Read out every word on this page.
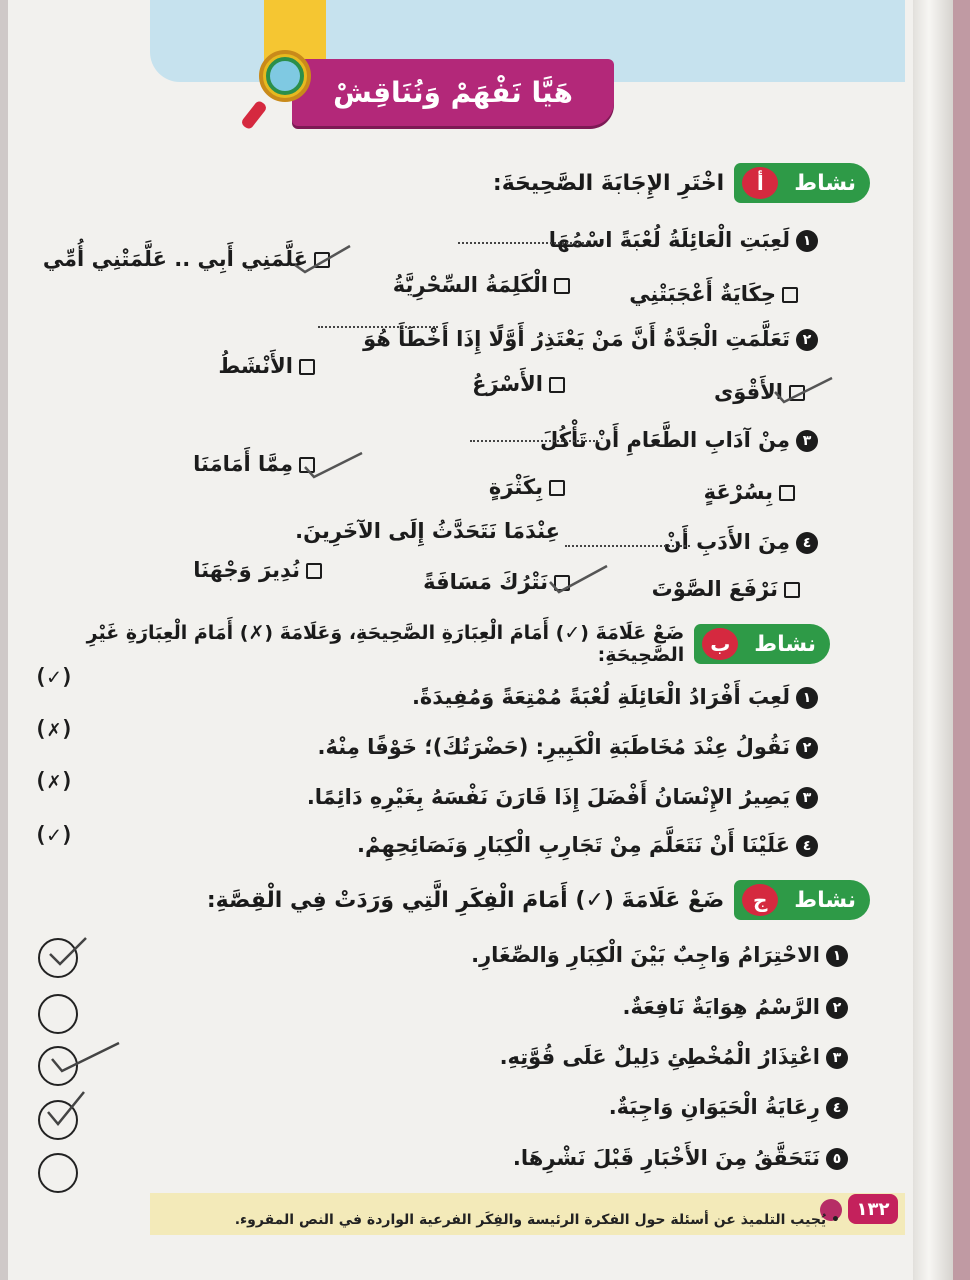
هَيَّا نَفْهَمْ وَنُنَاقِشْ
نشاط
أ
اخْتَرِ الإِجَابَةَ الصَّحِيحَةَ:
١لَعِبَتِ الْعَائِلَةُ لُعْبَةً اسْمُهَا
عَلَّمَنِي أَبِي .. عَلَّمَتْنِي أُمِّي
الْكَلِمَةُ السِّحْرِيَّةُ	حِكَايَةٌ أَعْجَبَتْنِي
٢تَعَلَّمَتِ الْجَدَّةُ أَنَّ مَنْ يَعْتَذِرُ أَوَّلًا إِذَا أَخْطَأَ هُوَ
الأَنْشَطُ
الأَسْرَعُ	الأَقْوَى
٣مِنْ آدَابِ الطَّعَامِ أَنْ تَأْكُلَ
مِمَّا أَمَامَنَا
بِكَثْرَةٍ	بِسُرْعَةٍ
٤مِنَ الأَدَبِ أَنْ
عِنْدَمَا نَتَحَدَّثُ إِلَى الآخَرِينَ.
نُدِيرَ وَجْهَنَا	نَتْرُكَ مَسَافَةً	نَرْفَعَ الصَّوْتَ
نشاط
ب
ضَعْ عَلَامَةَ (✓) أَمَامَ الْعِبَارَةِ الصَّحِيحَةِ، وَعَلَامَةَ (✗) أَمَامَ الْعِبَارَةِ غَيْرِ الصَّحِيحَةِ:
١لَعِبَ أَفْرَادُ الْعَائِلَةِ لُعْبَةً مُمْتِعَةً وَمُفِيدَةً.
(✓)
٢نَقُولُ عِنْدَ مُخَاطَبَةِ الْكَبِيرِ: (حَضْرَتُكَ)؛ خَوْفًا مِنْهُ.
(✗)
٣يَصِيرُ الإِنْسَانُ أَفْضَلَ إِذَا قَارَنَ نَفْسَهُ بِغَيْرِهِ دَائِمًا.
(✗)
٤عَلَيْنَا أَنْ نَتَعَلَّمَ مِنْ تَجَارِبِ الْكِبَارِ وَنَصَائِحِهِمْ.
(✓)
نشاط
ج
ضَعْ عَلَامَةَ (✓) أَمَامَ الْفِكَرِ الَّتِي وَرَدَتْ فِي الْقِصَّةِ:
١الاحْتِرَامُ وَاجِبٌ بَيْنَ الْكِبَارِ وَالصِّغَارِ.
٢الرَّسْمُ هِوَايَةٌ نَافِعَةٌ.
٣اعْتِذَارُ الْمُخْطِئِ دَلِيلٌ عَلَى قُوَّتِهِ.
٤رِعَايَةُ الْحَيَوَانِ وَاجِبَةٌ.
٥نَتَحَقَّقُ مِنَ الأَخْبَارِ قَبْلَ نَشْرِهَا.
١٣٢
• يُجيب التلميذ عن أسئلة حول الفكرة الرئيسة والفِكَر الفرعية الواردة في النص المقروء.
